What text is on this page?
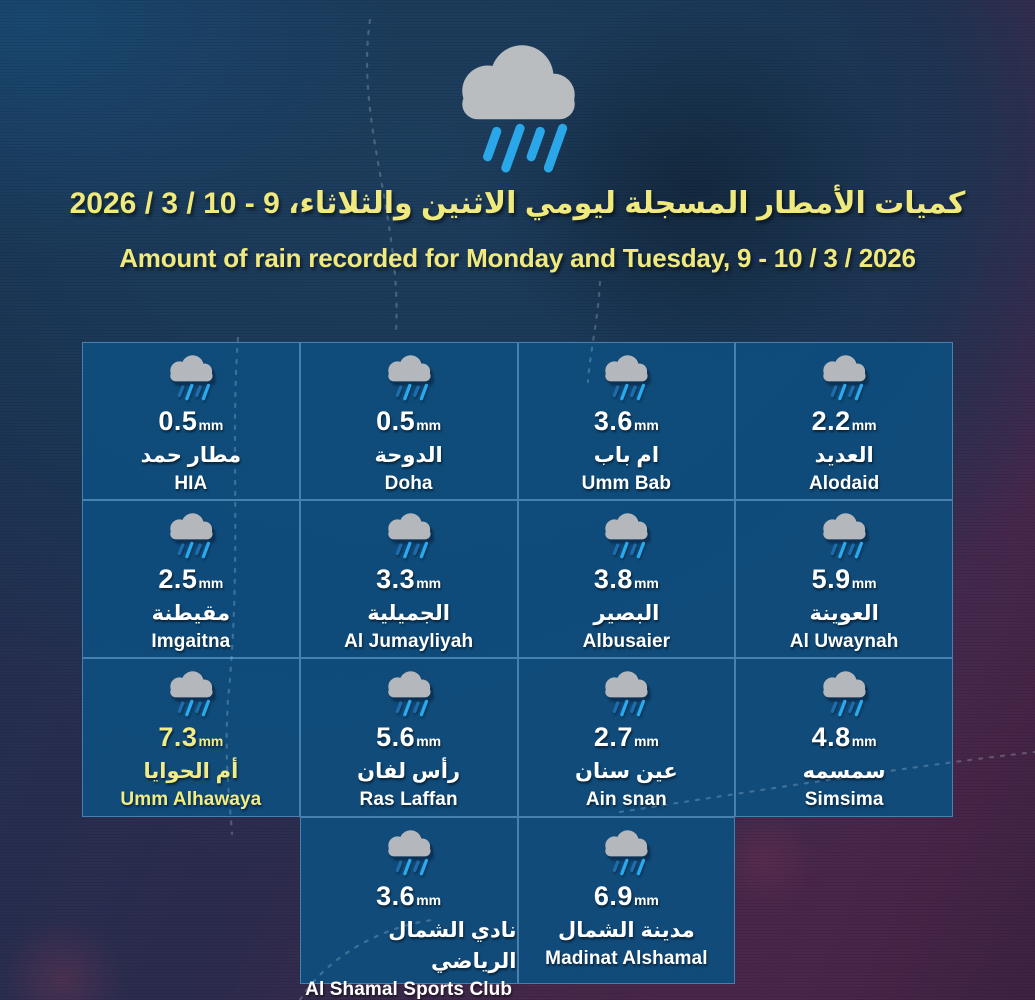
كميات الأمطار المسجلة ليومي الاثنين والثلاثاء، 9 - 10 / 3 / 2026
Amount of rain recorded for Monday and Tuesday, 9 - 10 / 3 / 2026
0.5 mm
مطار حمد
HIA
0.5 mm
الدوحة
Doha
3.6 mm
ام باب
Umm Bab
2.2 mm
العديد
Alodaid
2.5 mm
مقيطنة
Imgaitna
3.3 mm
الجميلية
Al Jumayliyah
3.8 mm
البصير
Albusaier
5.9 mm
العوينة
Al Uwaynah
7.3 mm
أم الحوايا
Umm Alhawaya
5.6 mm
رأس لفان
Ras Laffan
2.7 mm
عين سنان
Ain snan
4.8 mm
سمسمه
Simsima
3.6 mm
نادي الشمال الرياضي
Al Shamal Sports Club
6.9 mm
مدينة الشمال
Madinat Alshamal
